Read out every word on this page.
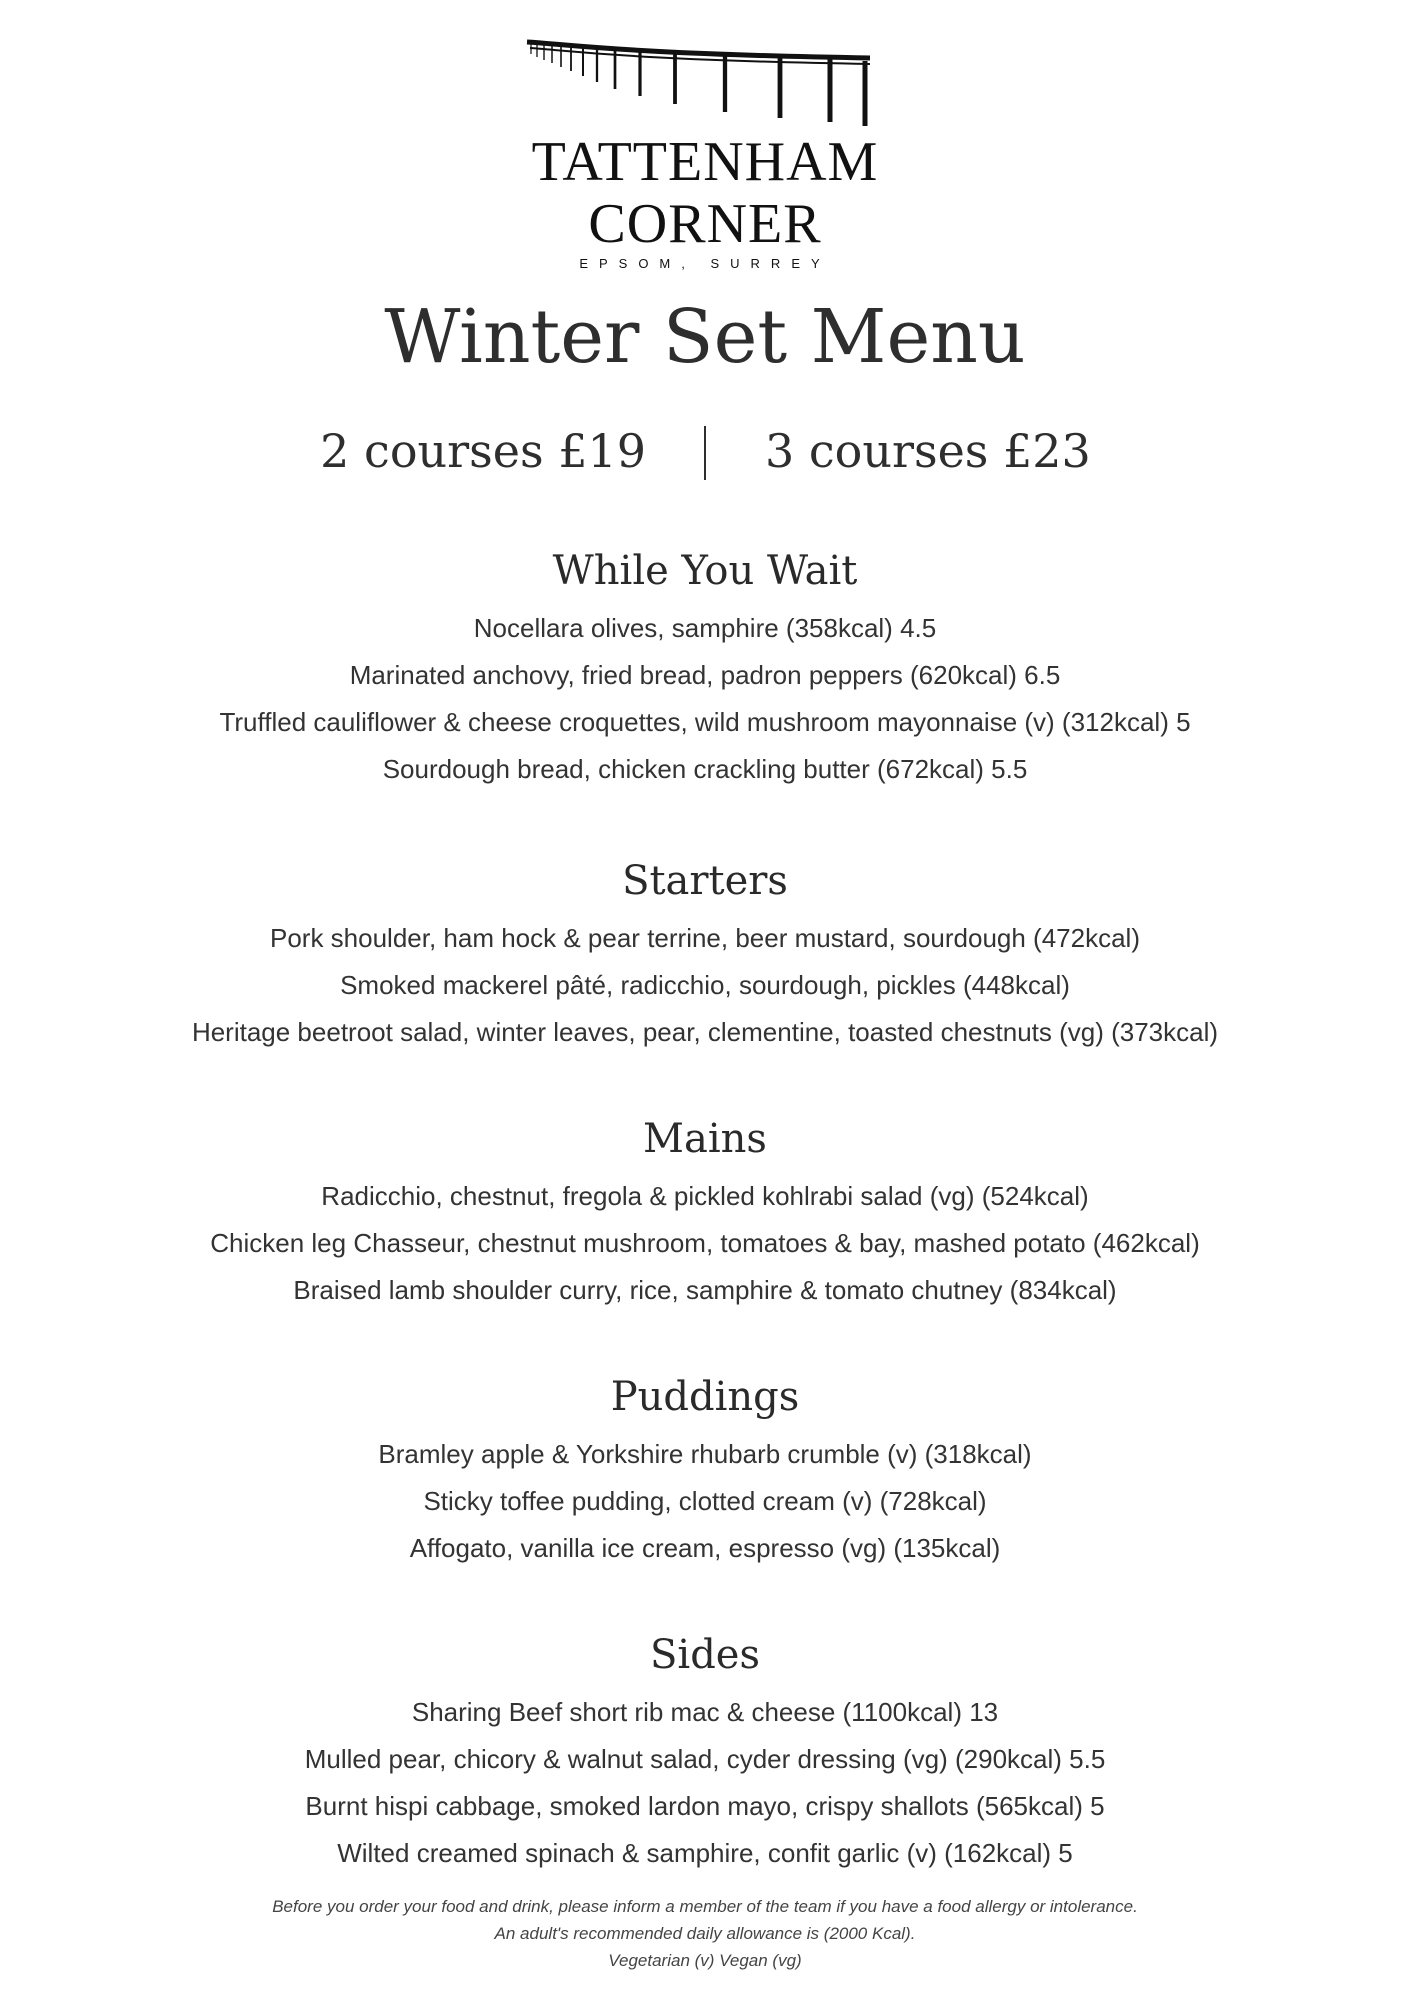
TATTENHAM
CORNER
EPSOM, SURREY
Winter Set Menu
2 courses £19	3 courses £23
While You Wait
Nocellara olives, samphire (358kcal) 4.5
Marinated anchovy, fried bread, padron peppers (620kcal) 6.5
Truffled cauliflower & cheese croquettes, wild mushroom mayonnaise (v) (312kcal) 5
Sourdough bread, chicken crackling butter (672kcal) 5.5
Starters
Pork shoulder, ham hock & pear terrine, beer mustard, sourdough (472kcal)
Smoked mackerel pâté, radicchio, sourdough, pickles (448kcal)
Heritage beetroot salad, winter leaves, pear, clementine, toasted chestnuts (vg) (373kcal)
Mains
Radicchio, chestnut, fregola & pickled kohlrabi salad (vg) (524kcal)
Chicken leg Chasseur, chestnut mushroom, tomatoes & bay, mashed potato (462kcal)
Braised lamb shoulder curry, rice, samphire & tomato chutney (834kcal)
Puddings
Bramley apple & Yorkshire rhubarb crumble (v) (318kcal)
Sticky toffee pudding, clotted cream (v) (728kcal)
Affogato, vanilla ice cream, espresso (vg) (135kcal)
Sides
Sharing Beef short rib mac & cheese (1100kcal) 13
Mulled pear, chicory & walnut salad, cyder dressing (vg) (290kcal) 5.5
Burnt hispi cabbage, smoked lardon mayo, crispy shallots (565kcal) 5
Wilted creamed spinach & samphire, confit garlic (v) (162kcal) 5
Before you order your food and drink, please inform a member of the team if you have a food allergy or intolerance.
An adult's recommended daily allowance is (2000 Kcal).
Vegetarian (v) Vegan (vg)
